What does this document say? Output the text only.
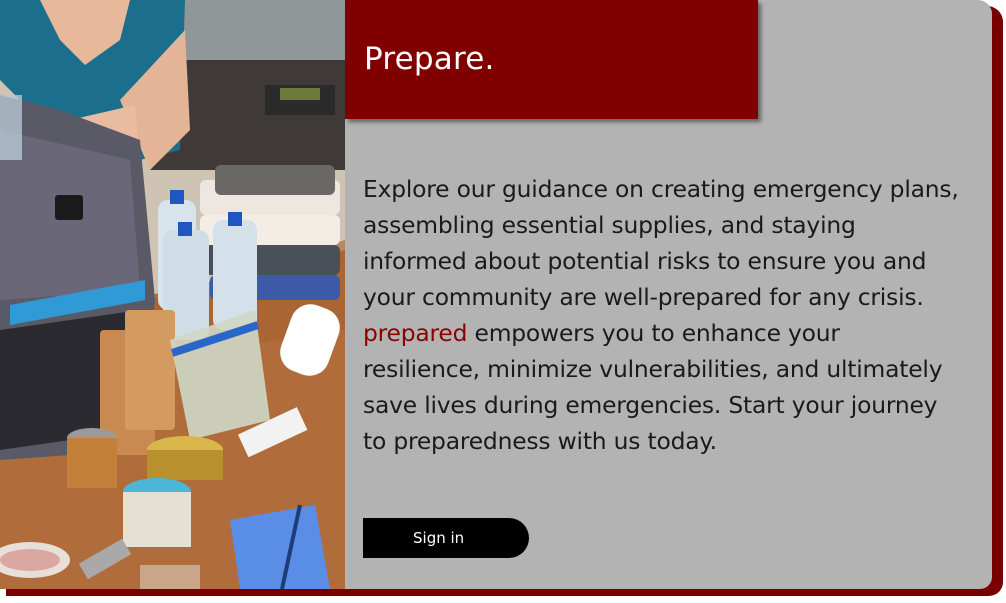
Prepare.

Explore our guidance on creating emergency plans, assembling essential supplies, and staying informed about potential risks to ensure you and your community are well-prepared for any crisis. prepared empowers you to enhance your resilience, minimize vulnerabilities, and ultimately save lives during emergencies. Start your journey to preparedness with us today.

Sign in
